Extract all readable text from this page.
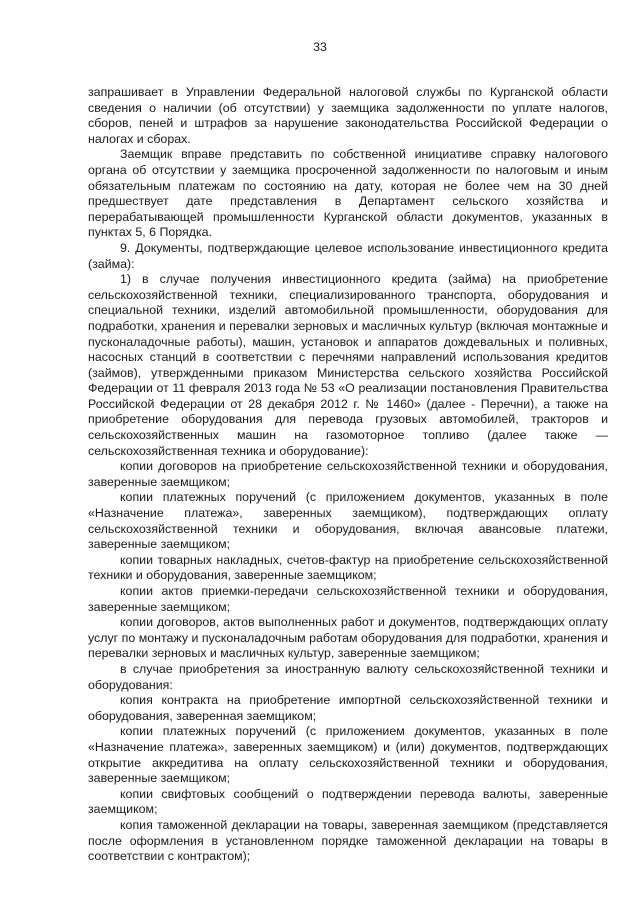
33

запрашивает в Управлении Федеральной налоговой службы по Курганской области сведения о наличии (об отсутствии) у заемщика задолженности по уплате налогов, сборов, пеней и штрафов за нарушение законодательства Российской Федерации о налогах и сборах.

Заемщик вправе представить по собственной инициативе справку налогового органа об отсутствии у заемщика просроченной задолженности по налоговым и иным обязательным платежам по состоянию на дату, которая не более чем на 30 дней предшествует дате представления в Департамент сельского хозяйства и перерабатывающей промышленности Курганской области документов, указанных в пунктах 5, 6 Порядка.

9. Документы, подтверждающие целевое использование инвестиционного кредита (займа):

1) в случае получения инвестиционного кредита (займа) на приобретение сельскохозяйственной техники, специализированного транспорта, оборудования и специальной техники, изделий автомобильной промышленности, оборудования для подработки, хранения и перевалки зерновых и масличных культур (включая монтажные и пусконаладочные работы), машин, установок и аппаратов дождевальных и поливных, насосных станций в соответствии с перечнями направлений использования кредитов (займов), утвержденными приказом Министерства сельского хозяйства Российской Федерации от 11 февраля 2013 года № 53 «О реализации постановления Правительства Российской Федерации от 28 декабря 2012 г. № 1460» (далее - Перечни), а также на приобретение оборудования для перевода грузовых автомобилей, тракторов и сельскохозяйственных машин на газомоторное топливо (далее также — сельскохозяйственная техника и оборудование):

копии договоров на приобретение сельскохозяйственной техники и оборудования, заверенные заемщиком;

копии платежных поручений (с приложением документов, указанных в поле «Назначение платежа», заверенных заемщиком), подтверждающих оплату сельскохозяйственной техники и оборудования, включая авансовые платежи, заверенные заемщиком;

копии товарных накладных, счетов-фактур на приобретение сельскохозяйственной техники и оборудования, заверенные заемщиком;

копии актов приемки-передачи сельскохозяйственной техники и оборудования, заверенные заемщиком;

копии договоров, актов выполненных работ и документов, подтверждающих оплату услуг по монтажу и пусконаладочным работам оборудования для подработки, хранения и перевалки зерновых и масличных культур, заверенные заемщиком;

в случае приобретения за иностранную валюту сельскохозяйственной техники и оборудования:

копия контракта на приобретение импортной сельскохозяйственной техники и оборудования, заверенная заемщиком;

копии платежных поручений (с приложением документов, указанных в поле «Назначение платежа», заверенных заемщиком) и (или) документов, подтверждающих открытие аккредитива на оплату сельскохозяйственной техники и оборудования, заверенные заемщиком;

копии свифтовых сообщений о подтверждении перевода валюты, заверенные заемщиком;

копия таможенной декларации на товары, заверенная заемщиком (представляется после оформления в установленном порядке таможенной декларации на товары в соответствии с контрактом);
